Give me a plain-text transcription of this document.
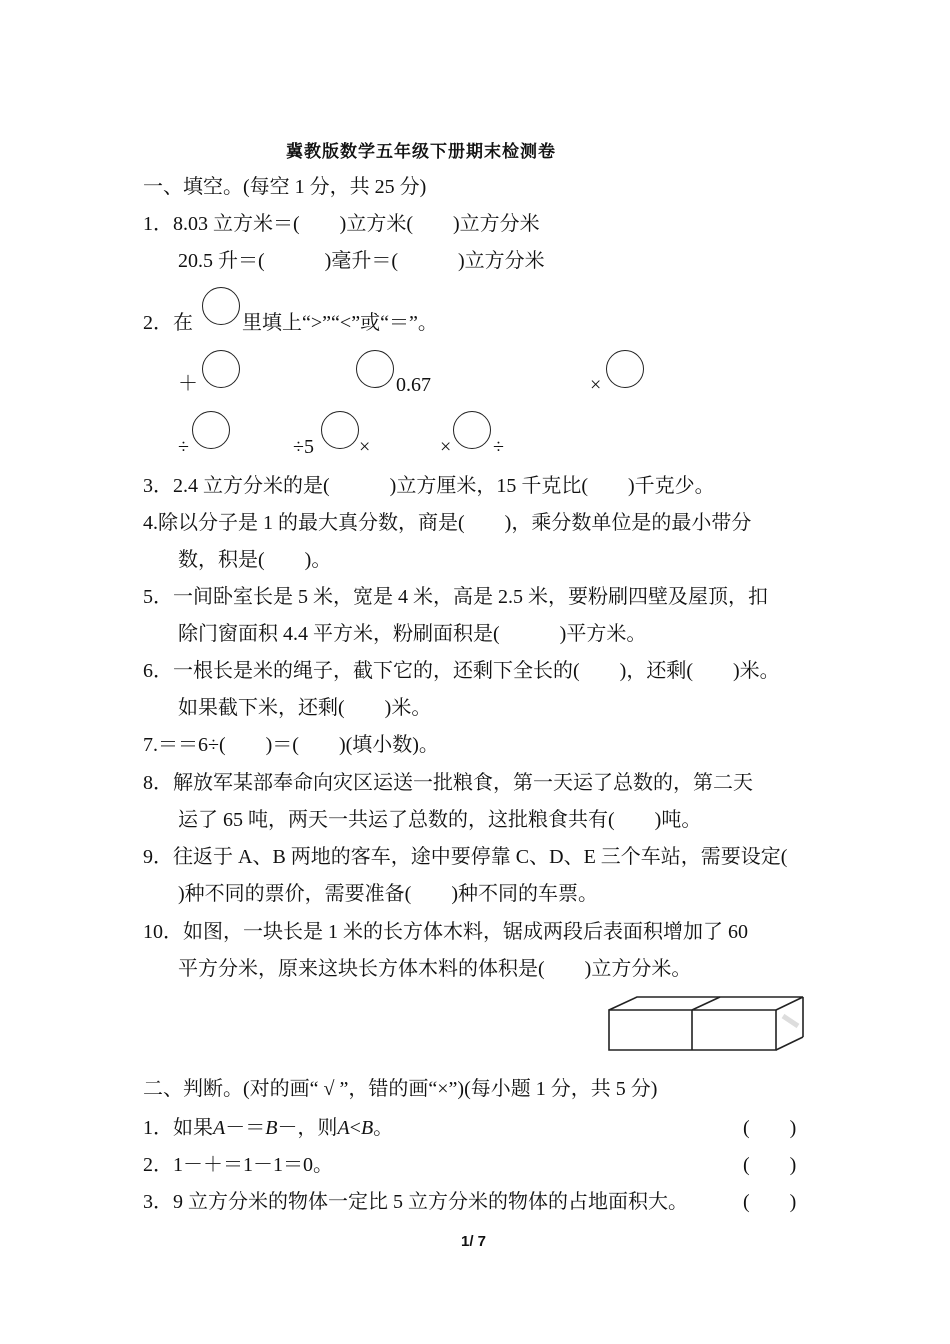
冀教版数学五年级下册期末检测卷
一、填空。(每空 1 分，共 25 分)
1．8.03 立方米＝(　　)立方米(　　)立方分米
20.5 升＝(　　　)毫升＝(　　　)立方分米
2．在 里填上“>”“<”或“＝”。
＋	0.67	×
÷	÷5 ×	× ÷
3．2.4 立方分米的是(　　　)立方厘米，15 千克比(　　)千克少。
4.除以分子是 1 的最大真分数，商是(　　)，乘分数单位是的最小带分
数，积是(　　)。
5．一间卧室长是 5 米，宽是 4 米，高是 2.5 米，要粉刷四壁及屋顶，扣
除门窗面积 4.4 平方米，粉刷面积是(　　　)平方米。
6．一根长是米的绳子，截下它的，还剩下全长的(　　)，还剩(　　)米。
如果截下米，还剩(　　)米。
7.＝＝6÷(　　)＝(　　)(填小数)。
8．解放军某部奉命向灾区运送一批粮食，第一天运了总数的，第二天
运了 65 吨，两天一共运了总数的，这批粮食共有(　　)吨。
9．往返于 A、B 两地的客车，途中要停靠 C、D、E 三个车站，需要设定(
)种不同的票价，需要准备(　　)种不同的车票。
10．如图，一块长是 1 米的长方体木料，锯成两段后表面积增加了 60
平方分米，原来这块长方体木料的体积是(　　)立方分米。
二、判断。(对的画“ √ ”，错的画“×”)(每小题 1 分，共 5 分)
1．如果A－＝B－，则A<B。	(　　)
2．1－＋＝1－1＝0。	(　　)
3．9 立方分米的物体一定比 5 立方分米的物体的占地面积大。	(　　)
1/ 7
